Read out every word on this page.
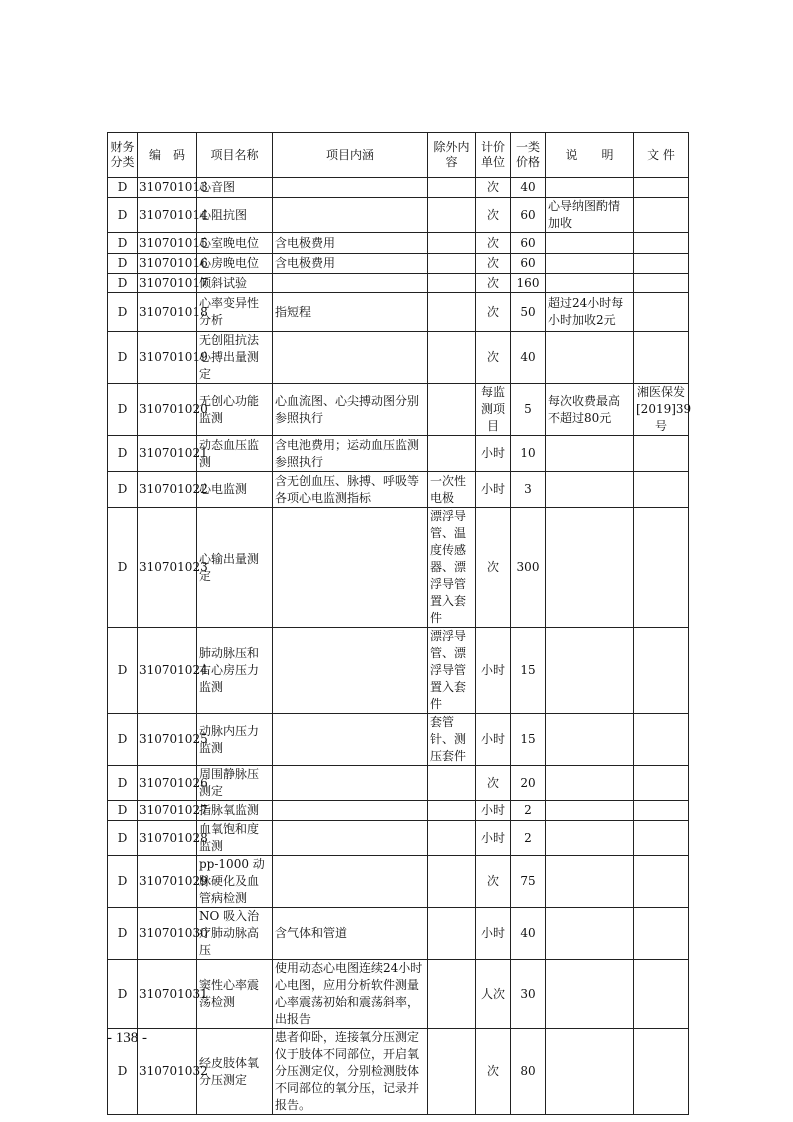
财务分类	编　码	项目名称	项目内涵	除外内容	计价单位	一类价格	说　　明	文 件
D	310701013	心音图			次	40		
D	310701014	心阻抗图			次	60	心导纳图酌情加收	
D	310701015	心室晚电位	含电极费用		次	60		
D	310701016	心房晚电位	含电极费用		次	60		
D	310701017	倾斜试验			次	160		
D	310701018	心率变异性分析	指短程		次	50	超过24小时每小时加收2元	
D	310701019	无创阻抗法心搏出量测定			次	40		
D	310701020	无创心功能监测	心血流图、心尖搏动图分别参照执行		每监测项目	5	每次收费最高不超过80元	湘医保发[2019]39号
D	310701021	动态血压监测	含电池费用；运动血压监测参照执行		小时	10		
D	310701022	心电监测	含无创血压、脉搏、呼吸等各项心电监测指标	一次性电极	小时	3		
D	310701023	心输出量测定		漂浮导管、温度传感器、漂浮导管置入套件	次	300		
D	310701024	肺动脉压和右心房压力监测		漂浮导管、漂浮导管置入套件	小时	15		
D	310701025	动脉内压力监测		套管针、测压套件	小时	15		
D	310701026	周围静脉压测定			次	20		
D	310701027	指脉氧监测			小时	2		
D	310701028	血氧饱和度监测			小时	2		
D	310701029	pp-1000 动脉硬化及血管病检测			次	75		
D	310701030	NO 吸入治疗肺动脉高压	含气体和管道		小时	40		
D	310701031	窦性心率震荡检测	使用动态心电图连续24小时心电图，应用分析软件测量心率震荡初始和震荡斜率，出报告		人次	30		
D	310701032	经皮肢体氧分压测定	患者仰卧，连接氧分压测定仪于肢体不同部位，开启氧分压测定仪，分别检测肢体不同部位的氧分压，记录并报告。		次	80		
- 138 -
